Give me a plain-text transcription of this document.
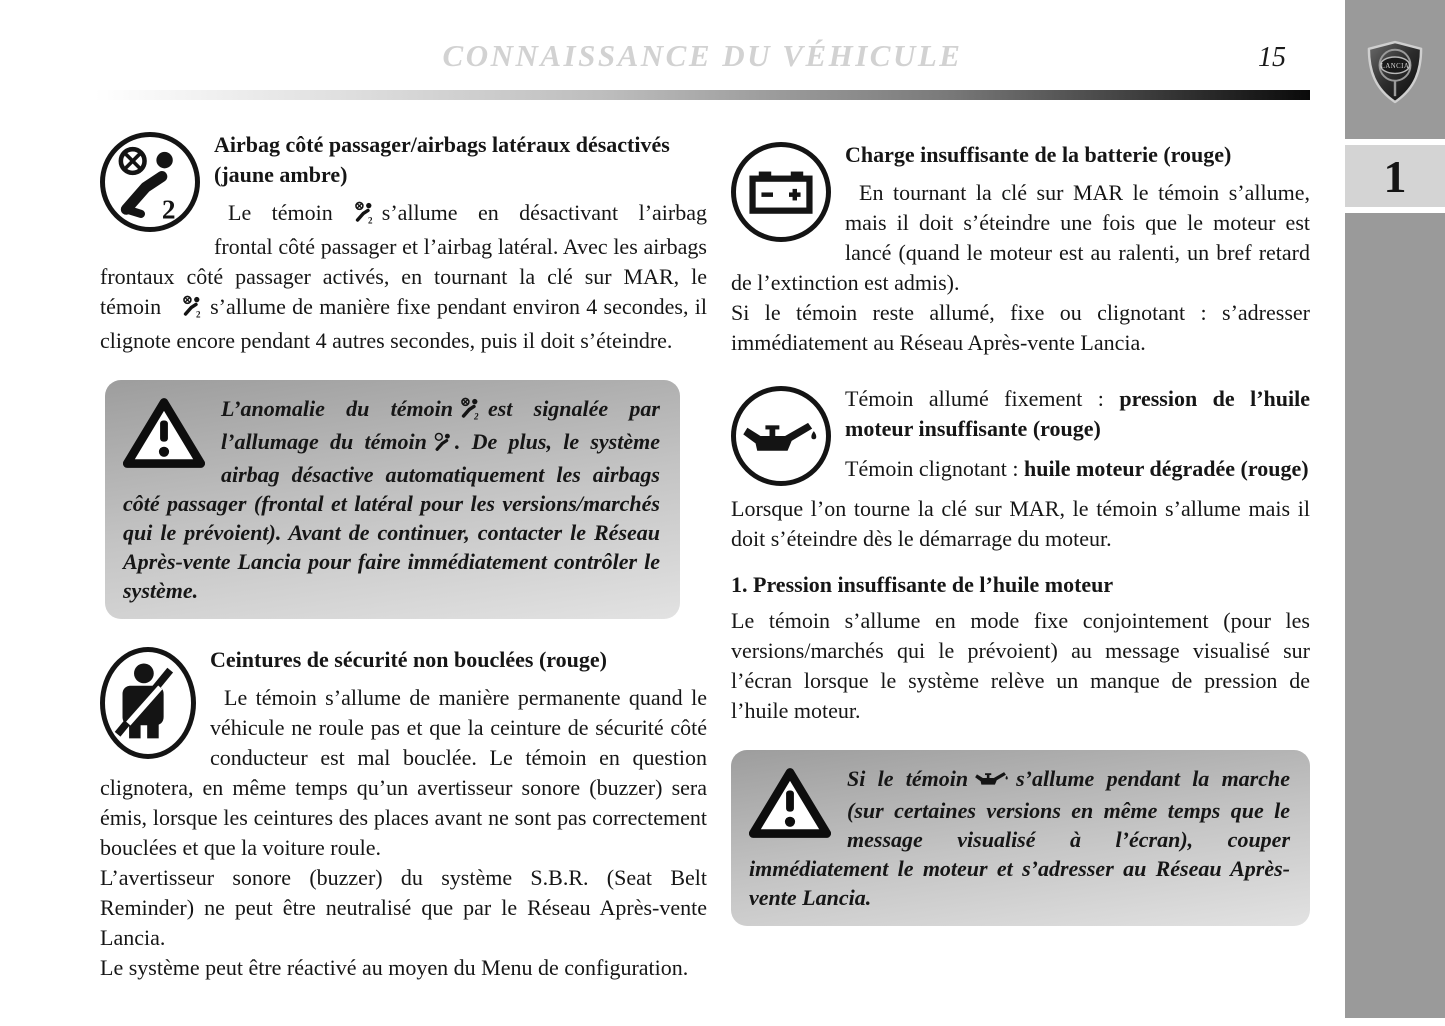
CONNAISSANCE DU VÉHICULE	15
2
Airbag côté passager/airbags latéraux désactivés (jaune ambre)

Le témoin 2 s’allume en désactivant l’airbag frontal côté passager et l’airbag latéral. Avec les airbags frontaux côté passager activés, en tournant la clé sur MAR, le témoin 2 s’allume de manière fixe pendant environ 4 secondes, il clignote encore pendant 4 autres secondes, puis il doit s’éteindre.

L’anomalie du témoin 2 est signalée par l’allumage du témoin . De plus, le système airbag désactive automatiquement les airbags côté passager (frontal et latéral pour les versions/marchés qui le prévoient). Avant de continuer, contacter le Réseau Après-vente Lancia pour faire immédiatement contrôler le système.
Ceintures de sécurité non bouclées (rouge)

Le témoin s’allume de manière permanente quand le véhicule ne roule pas et que la ceinture de sécurité côté conducteur est mal bouclée. Le témoin en question clignotera, en même temps qu’un avertisseur sonore (buzzer) sera émis, lorsque les ceintures des places avant ne sont pas correctement bouclées et que la voiture roule.

L’avertisseur sonore (buzzer) du système S.B.R. (Seat Belt Reminder) ne peut être neutralisé que par le Réseau Après-vente Lancia.

Le système peut être réactivé au moyen du Menu de configuration.

Charge insuffisante de la batterie (rouge)

En tournant la clé sur MAR le témoin s’allume, mais il doit s’éteindre une fois que le moteur est lancé (quand le moteur est au ralenti, un bref retard de l’extinction est admis).

Si le témoin reste allumé, fixe ou clignotant : s’adresser immédiatement au Réseau Après-vente Lancia.

Témoin allumé fixement : pression de l’huile moteur insuffisante (rouge)

Témoin clignotant : huile moteur dégradée (rouge)

Lorsque l’on tourne la clé sur MAR, le témoin s’allume mais il doit s’éteindre dès le démarrage du moteur.

1. Pression insuffisante de l’huile moteur

Le témoin s’allume en mode fixe conjointement (pour les versions/marchés qui le prévoient) au message visualisé sur l’écran lorsque le système relève un manque de pression de l’huile moteur.

Si le témoin s’allume pendant la marche (sur certaines versions en même temps que le message visualisé à l’écran), couper immédiatement le moteur et s’adresser au Réseau Après-vente Lancia.
LANCIA
1
